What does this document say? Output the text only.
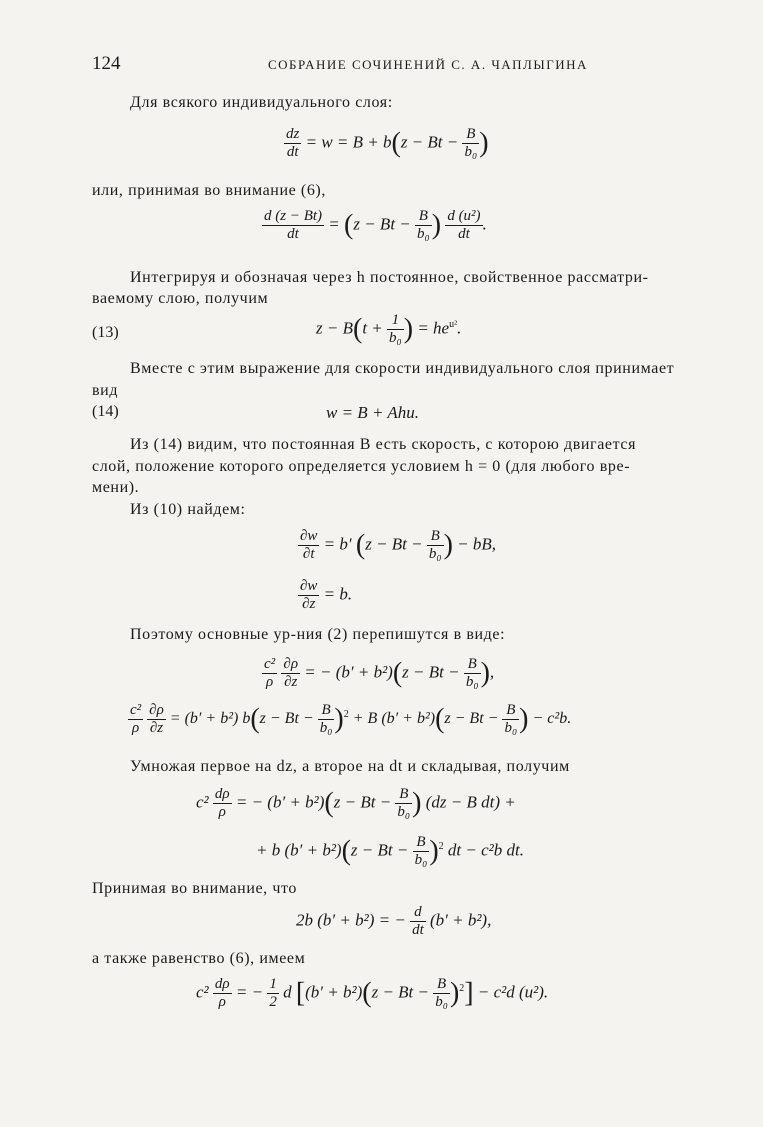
124	СОБРАНИЕ СОЧИНЕНИЙ С. А. ЧАПЛЫГИНА
Для всякого индивидуального слоя:
$\frac{dz}{dt} = w = B + b(z - Bt - \frac{B}{\text{b₀}}$ )
или, принимая во внимание (6),
$\frac{d (z - Bt)}{dt} = (z - Bt - \frac{B}{\text{b₀}}$ ) $\frac{\text{d (u²)}}{dt}$ .
Интегрируя и обозначая через h постоянное, свойственное рассматри-
ваемому слою, получим
(13)	$z - B(t + \frac{1}{\text{b₀}}$ ) = $he^{u^2}$.
Вместе с этим выражение для скорости индивидуального слоя принимает
вид
(14)	w = B + Ahu.
Из (14) видим, что постоянная B есть скорость, с которою двигается
слой, положение которого определяется условием h = 0 (для любого вре-
мени).
Из (10) найдем:
$\frac{\partial w}{\partial t} = b'$ ($z - Bt - \frac{B}{\text{b₀}}$ ) − bB,
$\frac{\partial w}{\partial z} = b$.
Поэтому основные ур-ния (2) перепишутся в виде:
$\frac{\text{c²}}{\rho}$
$\frac{\partial\rho}{\partial z}$ = − $(b' + b^2)(z - Bt - \frac{B}{\text{b₀}}$ ),
$\frac{\text{c²}}{\rho}$
$\frac{\partial\rho}{\partial z} = (b' + b^2) b(z - Bt - \frac{B}{\text{b₀}} )^2 + B$ $(b' + b^2)(z - Bt - \frac{B}{\text{b₀}}$ ) − c²b.
Умножая первое на dz, а второе на dt и складывая, получим
$c^2 \frac{d\rho}{\rho}$ = − $(b' + b^2)(z - Bt - \frac{B}{\text{b₀}}$ ) (dz − B dt) +
+ b $(b' + b^2)(z - Bt - \frac{B}{\text{b₀}} )^2$ dt − c²b dt.
Принимая во внимание, что
2b (b′ + b²) = − $\frac{d}{dt} (b' + b^2)$,
а также равенство (6), имеем
$c^2 \frac{d\rho}{\rho}$ = − $\frac{1}{2}$ d $[(b' + b^2)(z - Bt - \frac{B}{\text{b₀}} )^2] - c^2d$ (u²).
